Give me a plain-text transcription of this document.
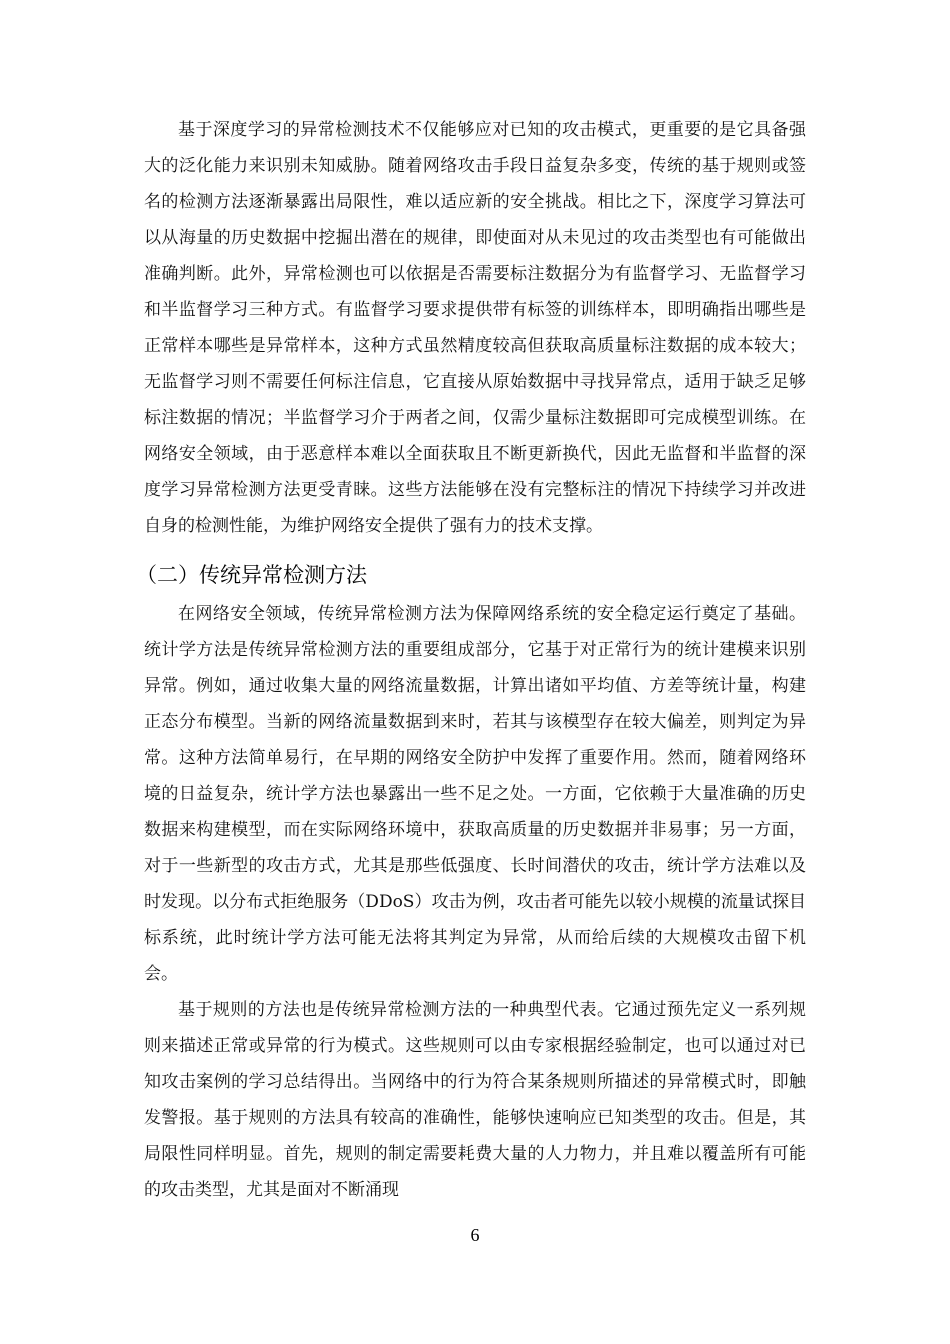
基于深度学习的异常检测技术不仅能够应对已知的攻击模式，更重要的是它具备强大的泛化能力来识别未知威胁。随着网络攻击手段日益复杂多变，传统的基于规则或签名的检测方法逐渐暴露出局限性，难以适应新的安全挑战。相比之下，深度学习算法可以从海量的历史数据中挖掘出潜在的规律，即使面对从未见过的攻击类型也有可能做出准确判断。此外，异常检测也可以依据是否需要标注数据分为有监督学习、无监督学习和半监督学习三种方式。有监督学习要求提供带有标签的训练样本，即明确指出哪些是正常样本哪些是异常样本，这种方式虽然精度较高但获取高质量标注数据的成本较大；无监督学习则不需要任何标注信息，它直接从原始数据中寻找异常点，适用于缺乏足够标注数据的情况；半监督学习介于两者之间，仅需少量标注数据即可完成模型训练。在网络安全领域，由于恶意样本难以全面获取且不断更新换代，因此无监督和半监督的深度学习异常检测方法更受青睐。这些方法能够在没有完整标注的情况下持续学习并改进自身的检测性能，为维护网络安全提供了强有力的技术支撑。

（二）传统异常检测方法

在网络安全领域，传统异常检测方法为保障网络系统的安全稳定运行奠定了基础。统计学方法是传统异常检测方法的重要组成部分，它基于对正常行为的统计建模来识别异常。例如，通过收集大量的网络流量数据，计算出诸如平均值、方差等统计量，构建正态分布模型。当新的网络流量数据到来时，若其与该模型存在较大偏差，则判定为异常。这种方法简单易行，在早期的网络安全防护中发挥了重要作用。然而，随着网络环境的日益复杂，统计学方法也暴露出一些不足之处。一方面，它依赖于大量准确的历史数据来构建模型，而在实际网络环境中，获取高质量的历史数据并非易事；另一方面，对于一些新型的攻击方式，尤其是那些低强度、长时间潜伏的攻击，统计学方法难以及时发现。以分布式拒绝服务（DDoS）攻击为例，攻击者可能先以较小规模的流量试探目标系统，此时统计学方法可能无法将其判定为异常，从而给后续的大规模攻击留下机会。

基于规则的方法也是传统异常检测方法的一种典型代表。它通过预先定义一系列规则来描述正常或异常的行为模式。这些规则可以由专家根据经验制定，也可以通过对已知攻击案例的学习总结得出。当网络中的行为符合某条规则所描述的异常模式时，即触发警报。基于规则的方法具有较高的准确性，能够快速响应已知类型的攻击。但是，其局限性同样明显。首先，规则的制定需要耗费大量的人力物力，并且难以覆盖所有可能的攻击类型，尤其是面对不断涌现

6
